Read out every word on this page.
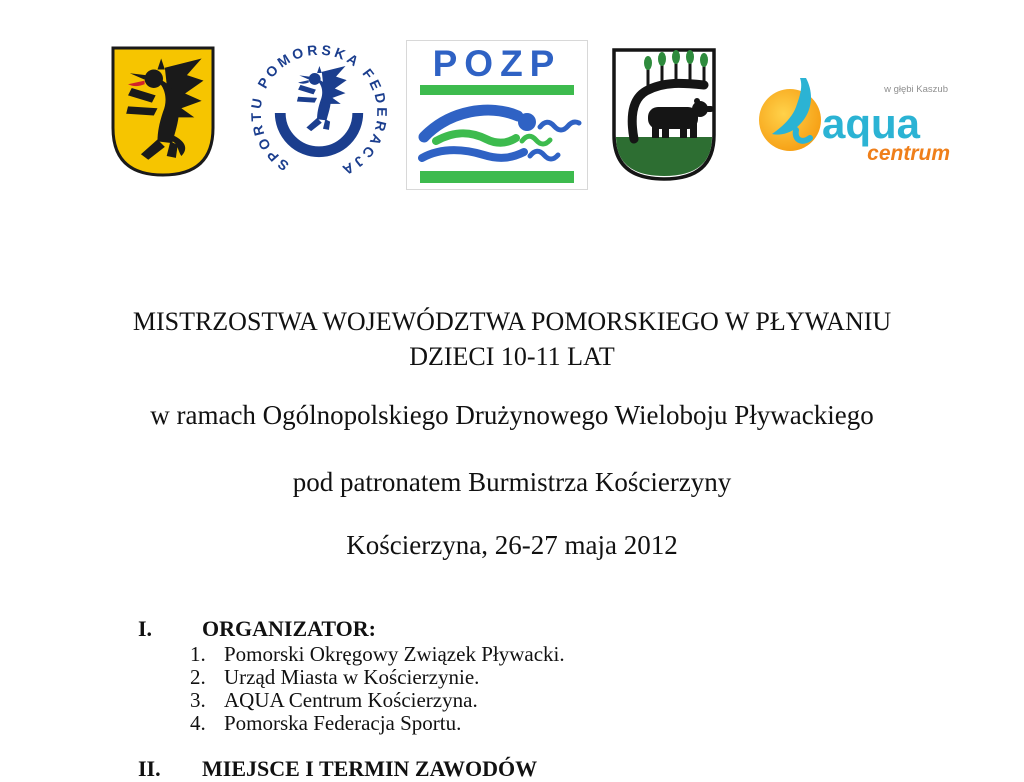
SPORTU POMORSKA FEDERACJA
POZP
w głębi Kaszub
aqua
centrum
MISTRZOSTWA WOJEWÓDZTWA POMORSKIEGO W PŁYWANIU
DZIECI 10-11 LAT
w ramach Ogólnopolskiego Drużynowego Wieloboju Pływackiego
pod patronatem Burmistrza Kościerzyny
Kościerzyna, 26-27 maja 2012
I. ORGANIZATOR:
1. Pomorski Okręgowy Związek Pływacki.
2. Urząd Miasta w Kościerzynie.
3. AQUA Centrum Kościerzyna.
4. Pomorska Federacja Sportu.
II. MIEJSCE I TERMIN ZAWODÓW
